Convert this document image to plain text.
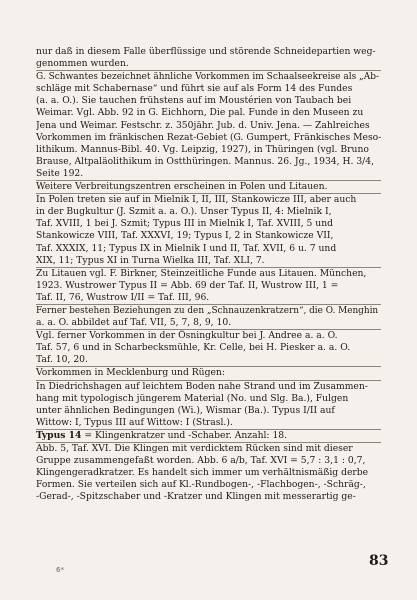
nur daß in diesem Falle überflüssige und störende Schneidepartien weg-
genommen wurden.

G. Schwantes bezeichnet ähnliche Vorkommen im Schaalseekreise als „Ab-
schläge mit Schabernase“ und führt sie auf als Form 14 des Fundes
(a. a. O.). Sie tauchen frühstens auf im Moustérien von Taubach bei
Weimar. Vgl. Abb. 92 in G. Eichhorn, Die pal. Funde in den Museen zu
Jena und Weimar. Festschr. z. 350jähr. Jub. d. Univ. Jena. — Zahlreiches
Vorkommen im fränkischen Rezat-Gebiet (G. Gumpert, Fränkisches Meso-
lithikum. Mannus-Bibl. 40. Vg. Leipzig, 1927), in Thüringen (vgl. Bruno
Brause, Altpaläolithikum in Ostthüringen. Mannus. 26. Jg., 1934, H. 3/4,
Seite 192.

Weitere Verbreitungszentren erscheinen in Polen und Litauen.

In Polen treten sie auf in Mielnik I, II, III, Stankowicze III, aber auch
in der Bugkultur (J. Szmit a. a. O.). Unser Typus II, 4: Mielnik I,
Taf. XVIII, 1 bei J. Szmit; Typus III in Mielnik I, Taf. XVIII, 5 und
Stankowicze VIII, Taf. XXXVI, 19; Typus I, 2 in Stankowicze VII,
Taf. XXXIX, 11; Typus IX in Mielnik I und II, Taf. XVII, 6 u. 7 und
XIX, 11; Typus XI in Turna Wielka III, Taf. XLI, 7.

Zu Litauen vgl. F. Birkner, Steinzeitliche Funde aus Litauen. München,
1923. Wustrower Typus II = Abb. 69 der Taf. II, Wustrow III, 1 =
Taf. II, 76, Wustrow I/II = Taf. III, 96.

Ferner bestehen Beziehungen zu den „Schnauzenkratzern“, die O. Menghin
a. a. O. abbildet auf Taf. VII, 5, 7, 8, 9, 10.

Vgl. ferner Vorkommen in der Ösningkultur bei J. Andree a. a. O.
Taf. 57, 6 und in Scharbecksmühle, Kr. Celle, bei H. Piesker a. a. O.
Taf. 10, 20.

Vorkommen in Mecklenburg und Rügen:

In Diedrichshagen auf leichtem Boden nahe Strand und im Zusammen-
hang mit typologisch jüngerem Material (No. und Slg. Ba.), Fulgen
unter ähnlichen Bedingungen (Wi.), Wismar (Ba.). Typus I/II auf
Wittow: I, Typus III auf Wittow: I (Strasl.).

Typus 14 = Klingenkratzer und -Schaber. Anzahl: 18.

Abb. 5, Taf. XVI. Die Klingen mit verdicktem Rücken sind mit dieser
Gruppe zusammengefaßt worden. Abb. 6 a/b, Taf. XVI = 5,7 : 3,1 : 0,7,
Klingengeradkratzer. Es handelt sich immer um verhältnismäßig derbe
Formen. Sie verteilen sich auf Kl.-Rundbogen-, -Flachbogen-, -Schräg-,
-Gerad-, -Spitzschaber und -Kratzer und Klingen mit messerartig ge-

6*
83
